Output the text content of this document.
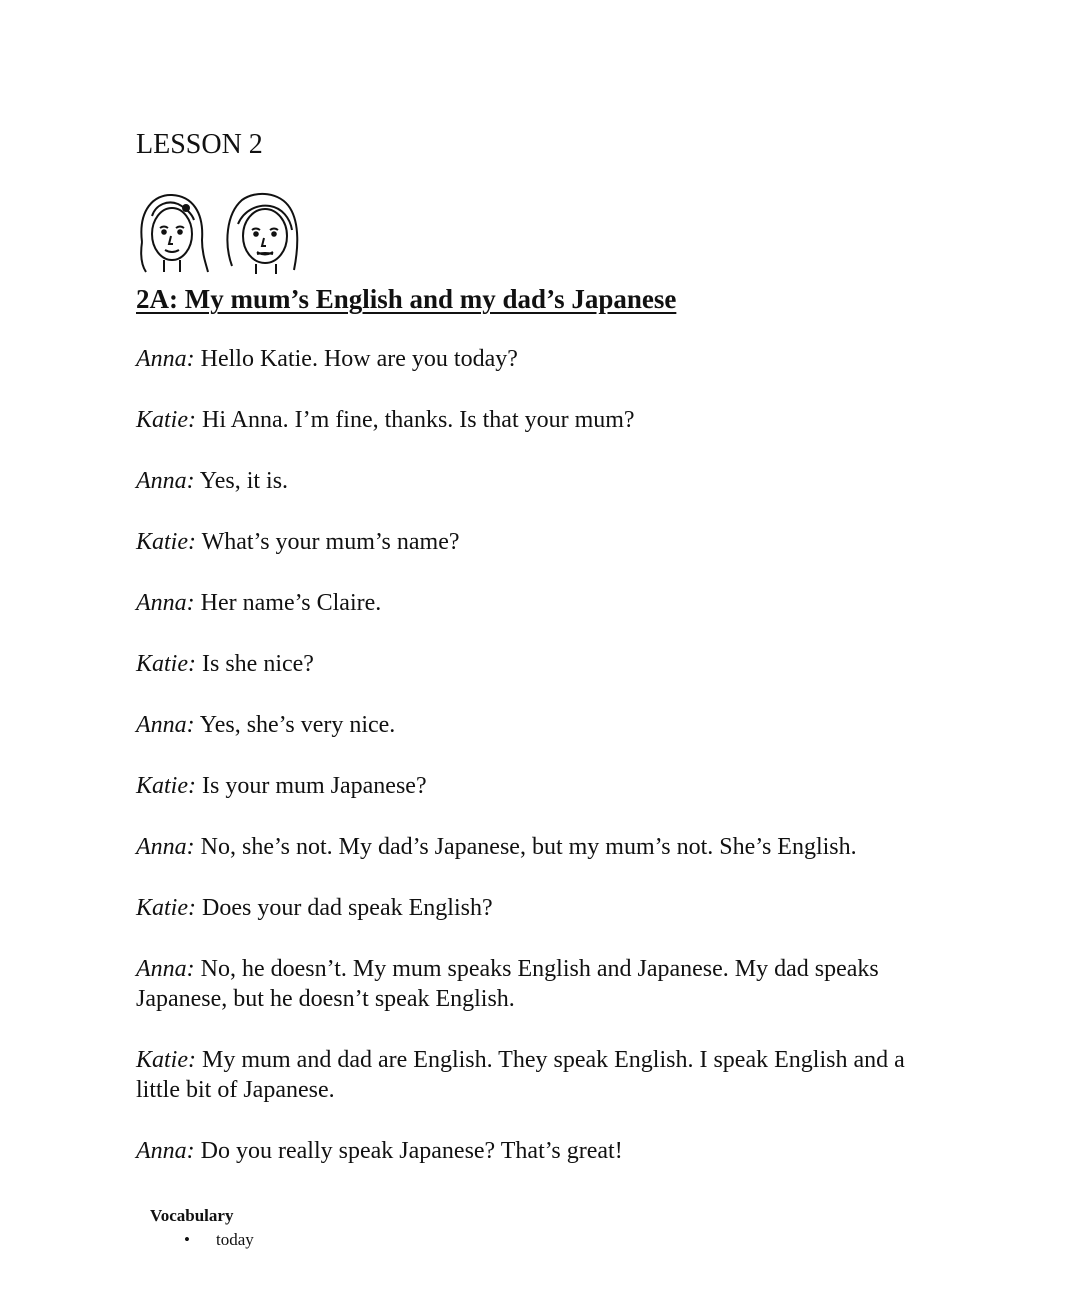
LESSON 2
2A: My mum’s English and my dad’s Japanese

Anna: Hello Katie. How are you today?

Katie: Hi Anna. I’m fine, thanks. Is that your mum?

Anna: Yes, it is.

Katie: What’s your mum’s name?

Anna: Her name’s Claire.

Katie: Is she nice?

Anna: Yes, she’s very nice.

Katie: Is your mum Japanese?

Anna: No, she’s not. My dad’s Japanese, but my mum’s not. She’s English.

Katie: Does your dad speak English?

Anna: No, he doesn’t. My mum speaks English and Japanese. My dad speaks Japanese, but he doesn’t speak English.

Katie: My mum and dad are English. They speak English. I speak English and a little bit of Japanese.

Anna: Do you really speak Japanese? That’s great!

Vocabulary
• today
